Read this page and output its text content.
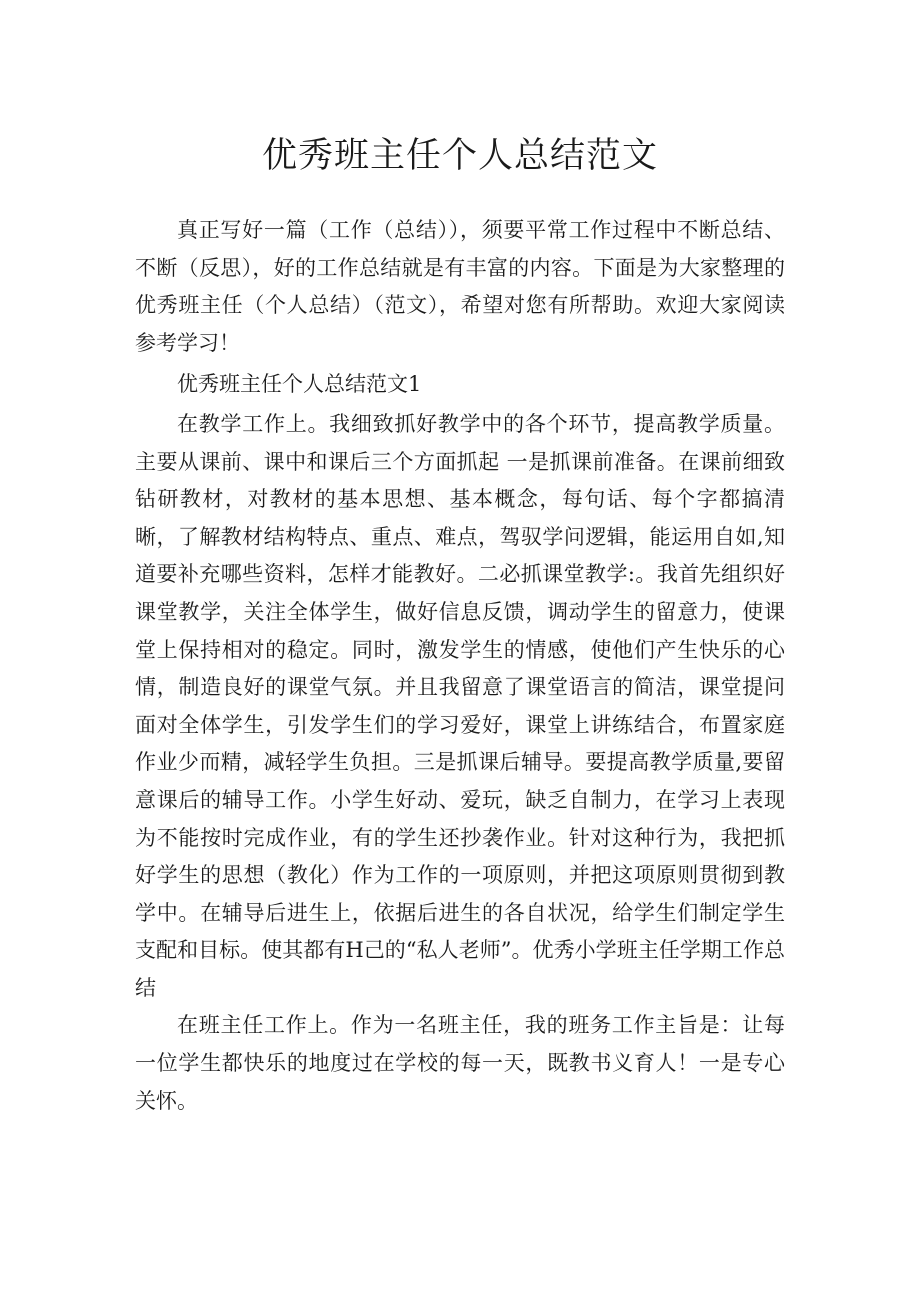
优秀班主任个人总结范文

真正写好一篇（工作（总结）），须要平常工作过程中不断总结、不断（反思），好的工作总结就是有丰富的内容。下面是为大家整理的优秀班主任（个人总结）（范文），希望对您有所帮助。欢迎大家阅读参考学习！

优秀班主任个人总结范文1

在教学工作上。我细致抓好教学中的各个环节，提高教学质量。主要从课前、课中和课后三个方面抓起 一是抓课前准备。在课前细致钻研教材，对教材的基本思想、基本概念，每句话、每个字都搞清晰，了解教材结构特点、重点、难点，驾驭学问逻辑，能运用自如,知道要补充哪些资料，怎样才能教好。二必抓课堂教学:。我首先组织好课堂教学，关注全体学生，做好信息反馈，调动学生的留意力，使课堂上保持相对的稳定。同时，激发学生的情感，使他们产生快乐的心情，制造良好的课堂气氛。并且我留意了课堂语言的简洁，课堂提问面对全体学生，引发学生们的学习爱好，课堂上讲练结合，布置家庭作业少而精，减轻学生负担。三是抓课后辅导。要提高教学质量,要留意课后的辅导工作。小学生好动、爱玩，缺乏自制力，在学习上表现为不能按时完成作业，有的学生还抄袭作业。针对这种行为，我把抓好学生的思想（教化）作为工作的一项原则，并把这项原则贯彻到教学中。在辅导后进生上，依据后进生的各自状况，给学生们制定学生支配和目标。使其都有H己的“私人老师”。优秀小学班主任学期工作总结

在班主任工作上。作为一名班主任，我的班务工作主旨是：让每一位学生都快乐的地度过在学校的每一天，既教书义育人！一是专心关怀。
